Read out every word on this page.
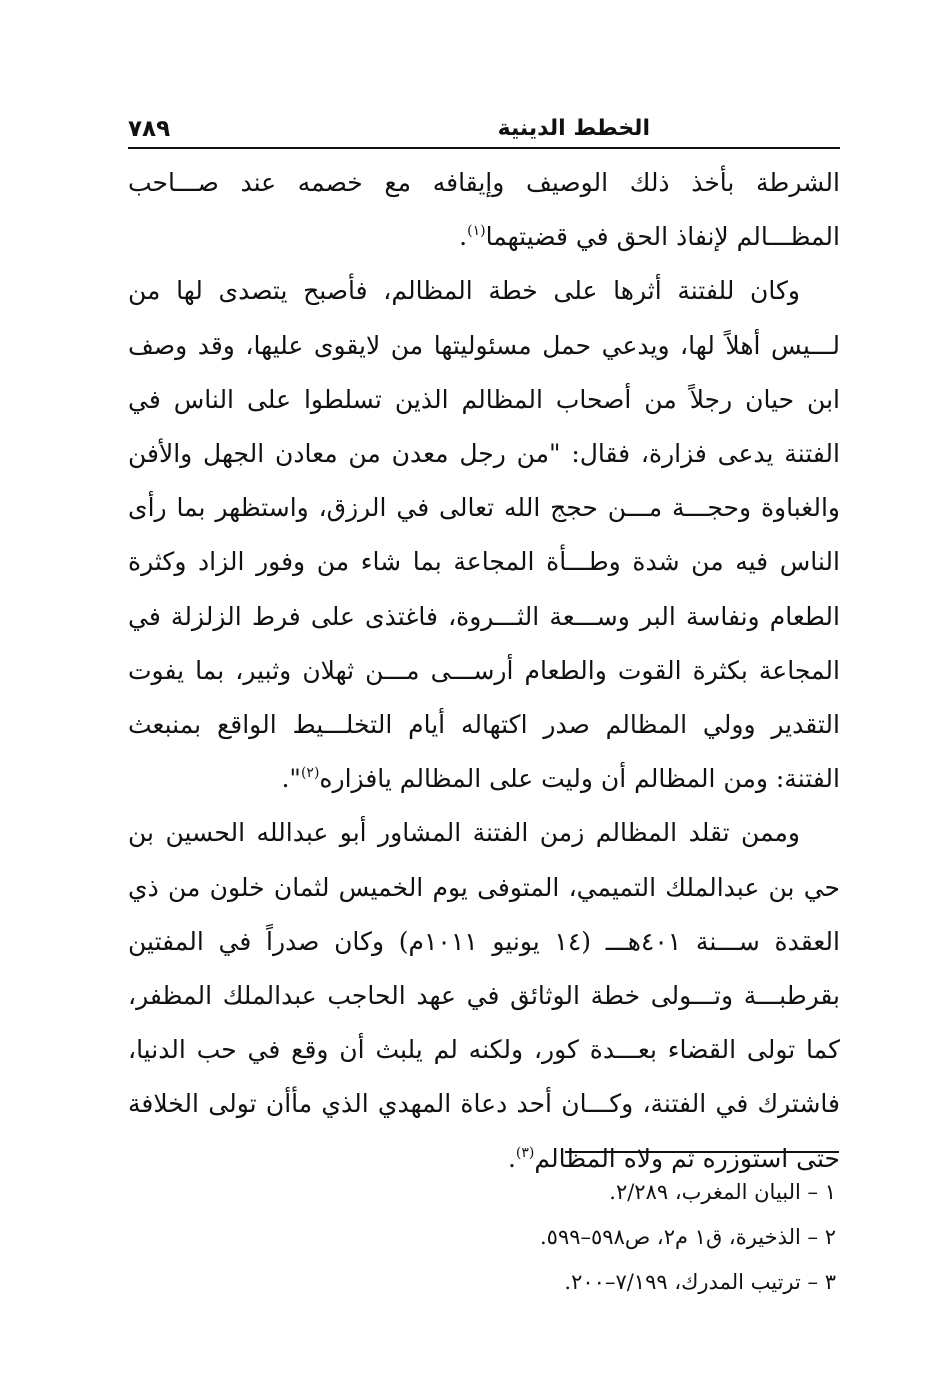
الخطط الدينية
٧٨٩

الشرطة بأخذ ذلك الوصيف وإيقافه مع خصمه عند صـــاحب المظـــالم لإنفاذ الحق في قضيتهما$^{(١)}$.

وكان للفتنة أثرها على خطة المظالم، فأصبح يتصدى لها من لـــيس أهلاً لها، ويدعي حمل مسئوليتها من لايقوى عليها، وقد وصف ابن حيان رجلاً من أصحاب المظالم الذين تسلطوا على الناس في الفتنة يدعى فزارة، فقال: "من رجل معدن من معادن الجهل والأفن والغباوة وحجـــة مـــن حجج الله تعالى في الرزق، واستظهر بما رأى الناس فيه من شدة وطـــأة المجاعة بما شاء من وفور الزاد وكثرة الطعام ونفاسة البر وســـعة الثـــروة، فاغتذى على فرط الزلزلة في المجاعة بكثرة القوت والطعام أرســـى مـــن ثهلان وثبير، بما يفوت التقدير وولي المظالم صدر اكتهاله أيام التخلـــيط الواقع بمنبعث الفتنة: ومن المظالم أن وليت على المظالم يافزاره$^{(٢)}$".

وممن تقلد المظالم زمن الفتنة المشاور أبو عبدالله الحسين بن حي بن عبدالملك التميمي، المتوفى يوم الخميس لثمان خلون من ذي العقدة ســـنة ٤٠١هـــ (١٤ يونيو ١٠١١م) وكان صدراً في المفتين بقرطبـــة وتـــولى خطة الوثائق في عهد الحاجب عبدالملك المظفر، كما تولى القضاء بعـــدة كور، ولكنه لم يلبث أن وقع في حب الدنيا، فاشترك في الفتنة، وكـــان أحد دعاة المهدي الذي مأأن تولى الخلافة حتى استوزره ثم ولاه المظالم$^{(٣)}$.

١ – البيان المغرب، ٢/٢٨٩.

٢ – الذخيرة، ق١ م٢، ص٥٩٨–٥٩٩.

٣ – ترتيب المدرك، ٧/١٩٩–٢٠٠.
